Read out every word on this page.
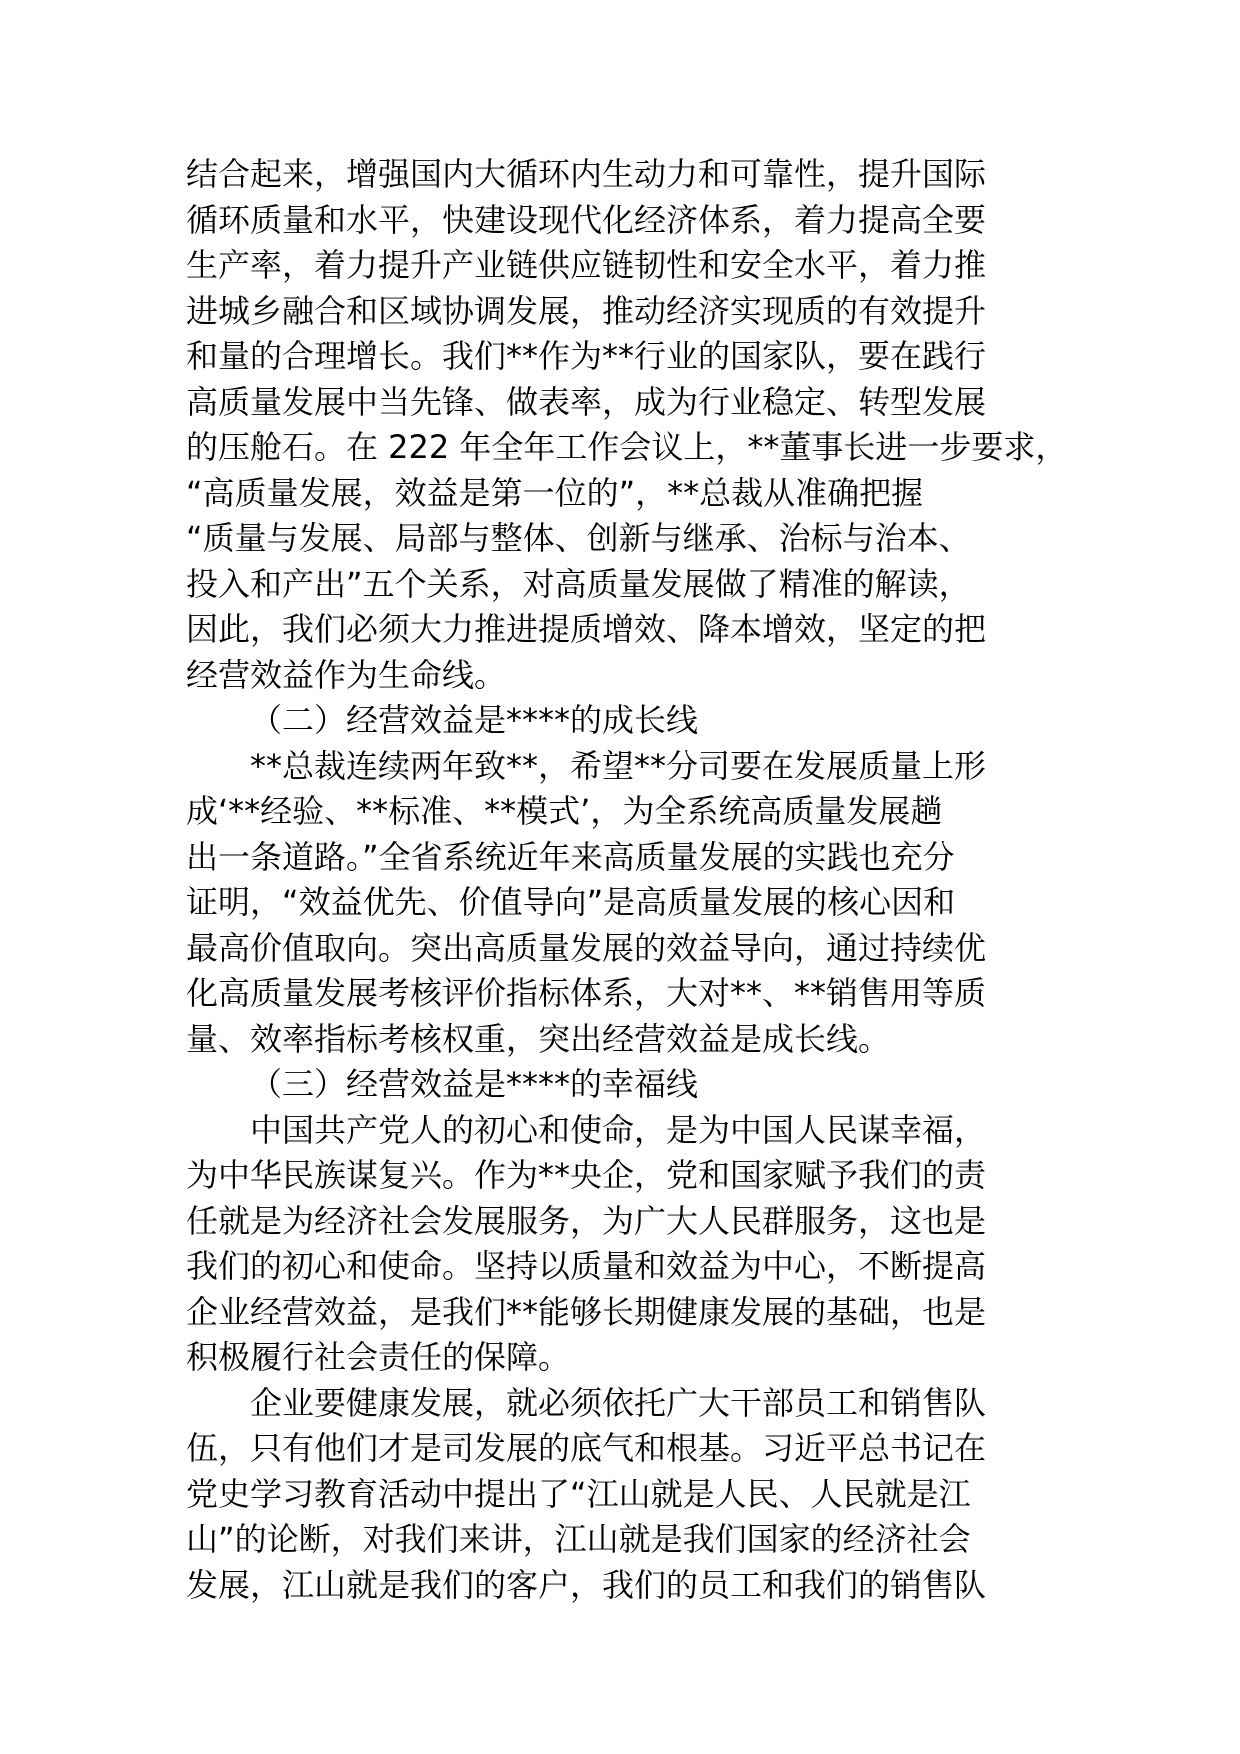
结合起来，增强国内大循环内生动力和可靠性，提升国际
循环质量和水平，快建设现代化经济体系，着力提高全要
生产率，着力提升产业链供应链韧性和安全水平，着力推
进城乡融合和区域协调发展，推动经济实现质的有效提升
和量的合理增长。我们**作为**行业的国家队，要在践行
高质量发展中当先锋、做表率，成为行业稳定、转型发展
的压舱石。在 222 年全年工作会议上，**董事长进一步要求，
“高质量发展，效益是第一位的”，**总裁从准确把握
“质量与发展、局部与整体、创新与继承、治标与治本、
投入和产出”五个关系，对高质量发展做了精准的解读，
因此，我们必须大力推进提质增效、降本增效，坚定的把
经营效益作为生命线。
（二）经营效益是****的成长线
**总裁连续两年致**，希望**分司要在发展质量上形
成‘**经验、**标准、**模式’，为全系统高质量发展趟
出一条道路。”全省系统近年来高质量发展的实践也充分
证明，“效益优先、价值导向”是高质量发展的核心因和
最高价值取向。突出高质量发展的效益导向，通过持续优
化高质量发展考核评价指标体系，大对**、**销售用等质
量、效率指标考核权重，突出经营效益是成长线。
（三）经营效益是****的幸福线
中国共产党人的初心和使命，是为中国人民谋幸福，
为中华民族谋复兴。作为**央企，党和国家赋予我们的责
任就是为经济社会发展服务，为广大人民群服务，这也是
我们的初心和使命。坚持以质量和效益为中心，不断提高
企业经营效益，是我们**能够长期健康发展的基础，也是
积极履行社会责任的保障。
企业要健康发展，就必须依托广大干部员工和销售队
伍，只有他们才是司发展的底气和根基。习近平总书记在
党史学习教育活动中提出了“江山就是人民、人民就是江
山”的论断，对我们来讲，江山就是我们国家的经济社会
发展，江山就是我们的客户，我们的员工和我们的销售队
